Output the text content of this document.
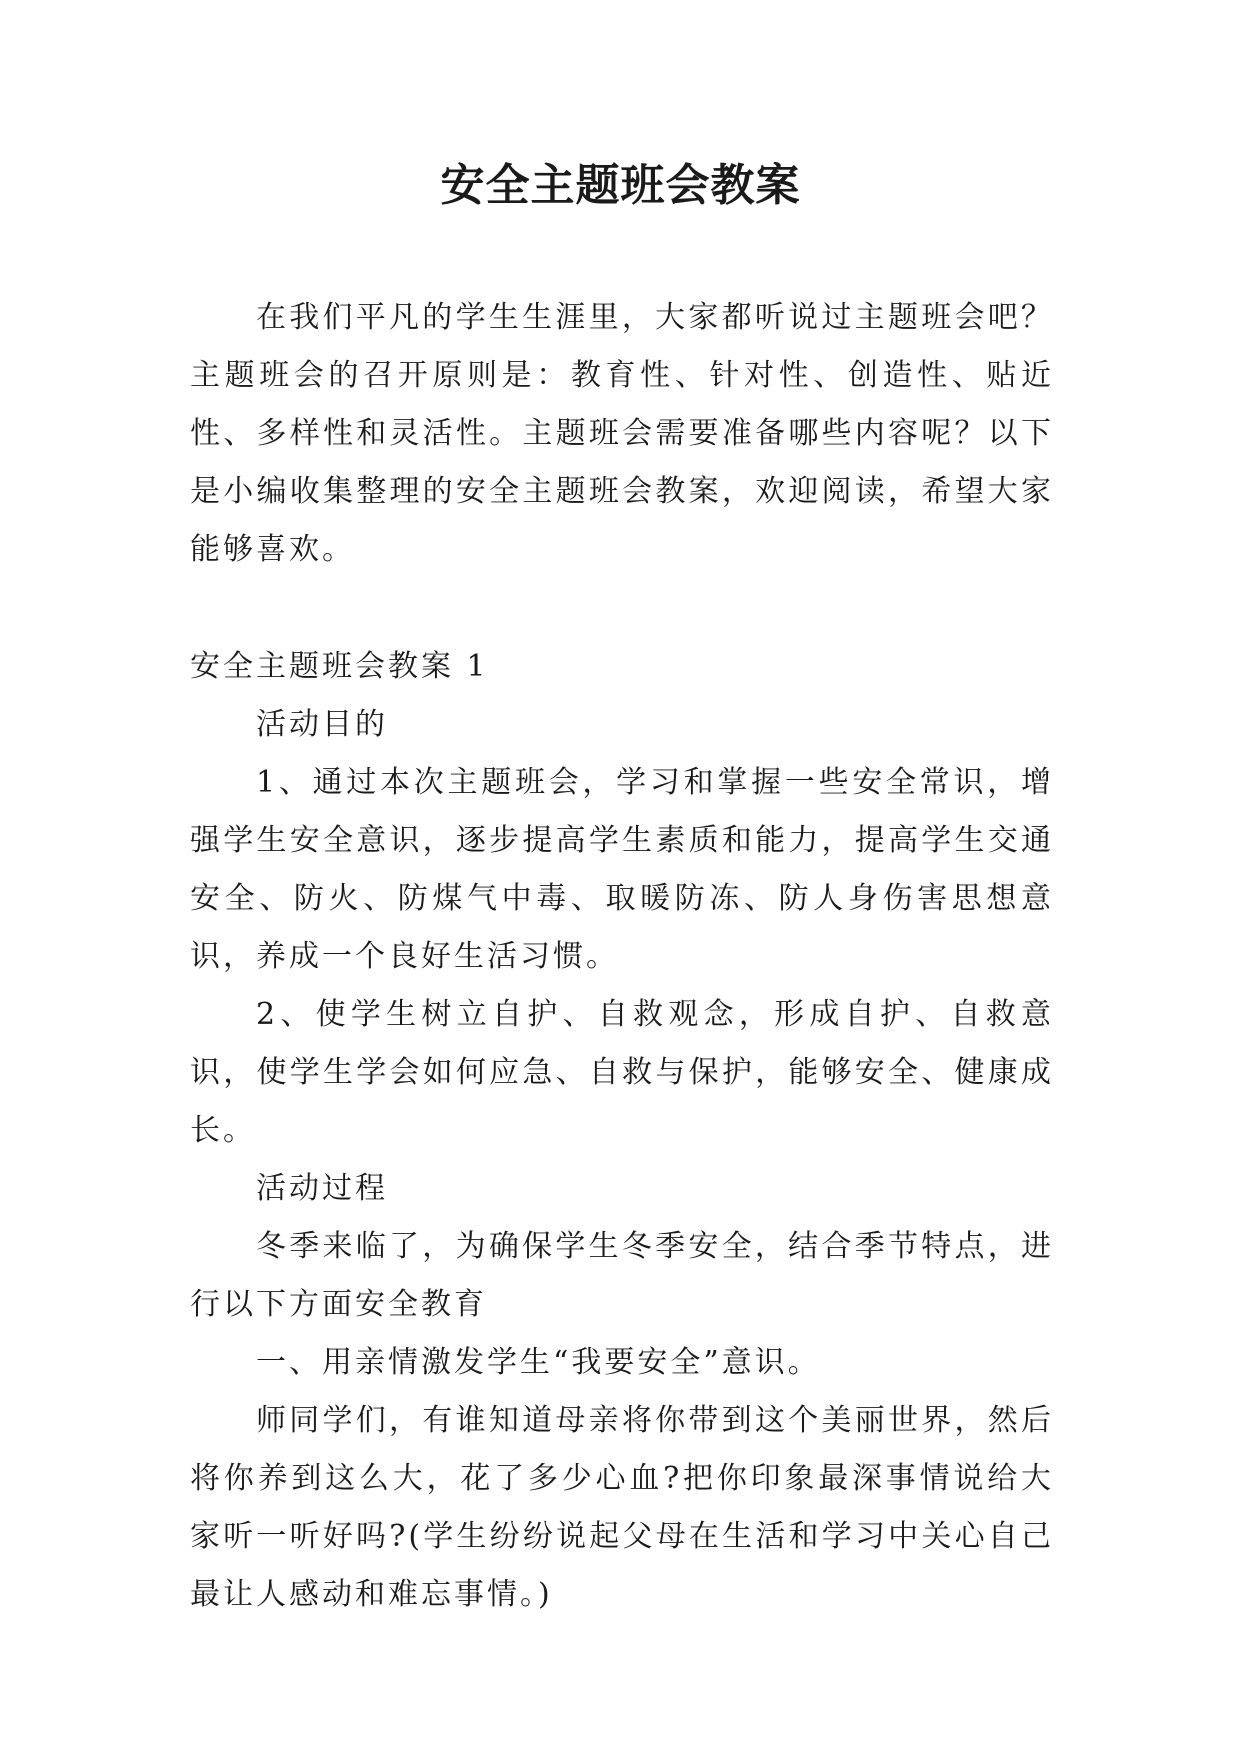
安全主题班会教案

在我们平凡的学生生涯里，大家都听说过主题班会吧？主题班会的召开原则是：教育性、针对性、创造性、贴近性、多样性和灵活性。主题班会需要准备哪些内容呢？以下是小编收集整理的安全主题班会教案，欢迎阅读，希望大家能够喜欢。

安全主题班会教案 1

活动目的

1、通过本次主题班会，学习和掌握一些安全常识，增强学生安全意识，逐步提高学生素质和能力，提高学生交通安全、防火、防煤气中毒、取暖防冻、防人身伤害思想意识，养成一个良好生活习惯。

2、使学生树立自护、自救观念，形成自护、自救意识，使学生学会如何应急、自救与保护，能够安全、健康成长。

活动过程

冬季来临了，为确保学生冬季安全，结合季节特点，进行以下方面安全教育

一、用亲情激发学生“我要安全”意识。

师同学们，有谁知道母亲将你带到这个美丽世界，然后将你养到这么大，花了多少心血?把你印象最深事情说给大家听一听好吗?(学生纷纷说起父母在生活和学习中关心自己最让人感动和难忘事情。)
